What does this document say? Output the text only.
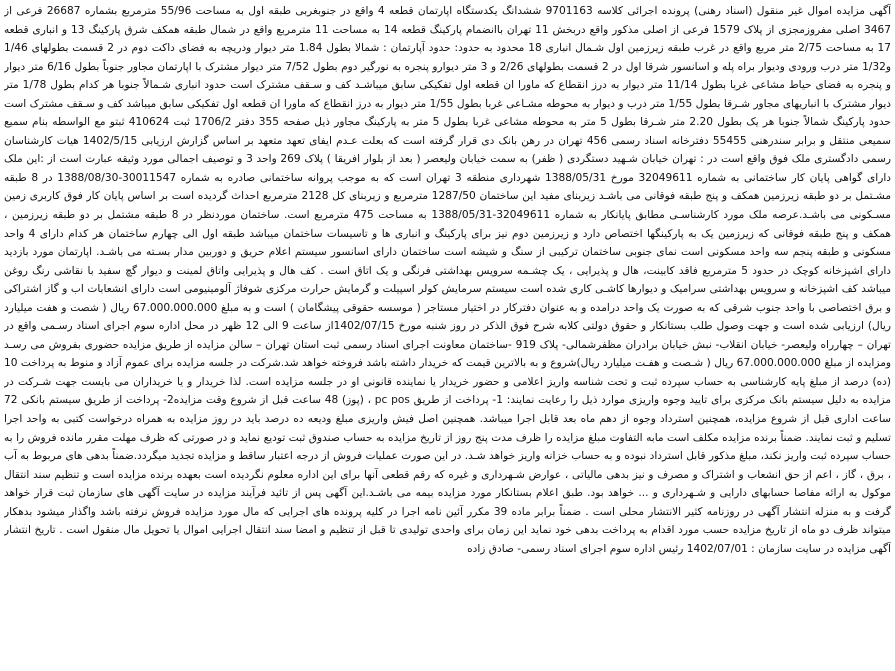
آگهی مزایده اموال غیر منقول (اسناد رهنی) پرونده اجرائی کلاسه 9701163 ششدانگ یکدستگاه اپارتمان قطعه 4 واقع در جنوبغربی طبقه اول به مساحت 55/96 مترمربع بشماره 26687 فرعی از 3467 اصلی مفروزمجزی از پلاک 1579 فرعی از اصلی مذکور واقع دربخش 11 تهران باانضمام پارکینگ قطعه 14 به مساحت 11 مترمربع واقع در شمال طبقه همکف شرق پارکینگ 13 و انباری قطعه 17 به مساحت 2/75 متر مربع واقع در غرب طبقه زیرزمین اول شـمال انباری 18 محدود به حدود: حدود آپارتمان : شمالا بطول 1.84 متر دیوار ودریچه به فضای داکت دوم در 2 قسمت بطولهای 1/46 و1/32 متر درب ورودی ودیوار براه پله و اسانسور شرقا اول در 2 قسمت بطولهای 2/26 و 3 متر دیوارو پنجره به نورگیر دوم بطول 7/52 متر دیوار مشترک با اپارتمان مجاور جنوباً بطول 6/16 متر دیوار و پنجره به فضای حیاط مشاعی غربا بطول 11/14 متر دیوار به درز انقطاع که ماورا ان قطعه اول تفکیکی سابق میباشـد کف و سـقف مشترک است حدود انباری شـمالاً جنوبا هر کدام بطول 1/78 متر دیوار مشترک با انباریهای مجاور شـرقا بطول 1/55 متر درب و دیوار به محوطه مشـاعی غربا بطول 1/55 متر دیوار به درز انقطاع که ماورا ان قطعه اول تفکیکی سابق میباشد کف و سـقف مشترک است حدود پارکینگ شمالاً جنوبا هر یک بطول 2.20 متر شـرقا بطول 5 متر به محوطه مشاعی غربا بطول 5 متر به پارکینگ مجاور ذیل صفحه 355 دفتر 1706/2 ثبت 410624 ثبتو مع الواسطه بنام سمیع سمیعی منتقل و برابر سندرهنی 55455 دفترخانه اسناد رسمی 456 تهران در رهن بانک دی قرار گرفته است که بعلت عـدم ایفای تعهد متعهد بر اساس گزارش ارزیابی 1402/5/15 هیات کارشناسان رسمی دادگستری ملک فوق واقع است در : تهران خیابان شـهید دستگردی ( ظفر) به سمت خیابان ولیعصر ( بعد از بلوار افریقا ) پلاک 269 واحد 3 و توصیف اجمالی مورد وثیقه عبارت است از :این ملک دارای گواهی پایان کار ساختمانی به شماره 32049611 مورخ 1388/05/31 شهرداری منطقه 3 تهران است که به موجب پروانه ساختمانی صادره به شماره 30011547-1388/08/30 در 8 طبقه مشـتمل بر دو طبقه زیرزمین همکف و پنج طبقه فوقانی می باشـد زیربنای مفید این ساختمان 1287/50 مترمربع و زیربنای کل 2128 مترمربع احداث گردیده است بر اساس پایان کار فوق کاربری زمین مسـکونی می باشـد.عرصه ملک مورد کارشناسـی مطابق پایانکار به شماره 32049611-1388/05/31 به مساحت 475 مترمربع است. ساختمان موردنظر در 8 طبقه مشتمل بر دو طبقه زیرزمین ، همکف و پنج طبقه فوقانی که زیرزمین یک به پارکینگها اختصاص دارد و زیرزمین دوم نیز برای پارکینگ و انباری ها و تاسیسات ساختمان میباشد طبقه اول الی چهارم ساختمان هر کدام دارای 4 واحد مسکونی و طبقه پنجم سه واحد مسکونی است نمای جنوبی ساختمان ترکیبی از سنگ و شیشه است ساختمان دارای اسانسور سیستم اعلام حریق و دوربین مدار بسـته می باشـد. اپارتمان مورد بازدید دارای اشپزخانه کوچک در حدود 5 مترمربع فاقد کابینت، هال و پذیرایی ، یک چشـمه سرویس بهداشتی فرنگی و یک اتاق است . کف هال و پذیرایی واتاق لمینت و دیوار گچ سفید با نقاشی رنگ روغن میباشد کف اشپزخانه و سرویس بهداشتی سرامیک و دیوارها کاشـی کاری شده است سیستم سرمایش کولر اسپیلت و گرمایش حرارت مرکزی شوفاژ آلومینیومی است دارای انشعابات اب و گاز اشتراکی و برق اختصاصی با واحد جنوب شرقی که به صورت یک واحد درامده و به عنوان دفترکار در اختیار مستاجر ( موسسه حقوقی پیشگامان ) است و به مبلغ 67.000.000.000 ریال ( شصت و هفت میلیارد ریال) ارزیابی شده است و جهت وصول طلب بستانکار و حقوق دولتی کلابه شرح فوق الذکر در روز شنبه مورخ 1402/07/15از ساعت 9 الی 12 ظهر در محل اداره سوم اجرای اسناد رسـمی واقع در تهران – چهارراه ولیعصر- خیابان انقلاب- نبش خیابان برادران مظفرشمالی- پلاک 919 -ساختمان معاونت اجرای اسناد رسمی ثبت استان تهران – سالن مزایده از طریق مزایده حضوری بفروش می رسـد ومزایده از مبلغ 67.000.000.000 ریال ( شـصت و هفـت میلیارد ریال)شروع و به بالاترین قیمت که خریدار داشته باشد فروخته خواهد شد.شرکت در جلسه مزایده برای عموم آزاد و منوط به پرداخت 10 (ده) درصد از مبلغ پایه کارشناسی به حساب سپرده ثبت و تحت شناسه واریز اعلامی و حضور خریدار یا نماینده قانونی او در جلسه مزایده است. لذا خریدار و یا خریداران می بایست جهت شـرکت در مزایده به دلیل سیستم بانک مرکزی برای تایید وجوه واریزی موارد ذیل را رعایت نمایند: 1- پرداخت از طریق pc pos ، (پوز) 48 ساعت قبل از شروع وقت مزایده2- پرداخت از طریق سیستم بانکی 72 ساعت اداری قبل از شروع مزایده، همچنین استرداد وجوه از دهم ماه بعد قابل اجرا میباشد. همچنین اصل فیش واریزی مبلغ ودیعه ده درصد باید در روز مزایده به همراه درخواست کتبی به واحد اجرا تسلیم و ثبت نمایند. ضمناً برنده مزایده مکلف است مابه التفاوت مبلغ مزایده را ظرف مدت پنج روز از تاریخ مزایده به حساب صندوق ثبت تودیع نماید و در صورتی که ظرف مهلت مقرر مانده فروش را به حساب سپرده ثبت واریز نکند، مبلغ مذکور قابل استرداد نبوده و به حساب خزانه واریز خواهد شـد. در این صورت عملیات فروش از درجه اعتبار ساقط و مزایده تجدید میگردد.ضمناً بدهی های مربوط به آب ، برق ، گاز ، اعم از حق انشعاب و اشتراک و مصرف و نیز بدهی مالیاتی ، عوارض شـهرداری و غیره که رقم قطعی آنها برای این اداره معلوم نگردیده است بعهده برنده مزایده است و تنظیم سند انتقال موکول به ارائه مفاصا حسابهای دارایی و شـهرداری و ... خواهد بود. طبق اعلام بستانکار مورد مزایده بیمه می باشـد.این آگهی پس از تائید فرآیند مزایده در سایت آگهی های سازمان ثبت قرار خواهد گرفت و به منزله انتشار آگهی در روزنامه کثیر الانتشار محلی است . ضمناً برابر ماده 39 مکرر آئین نامه اجرا در کلیه پرونده های اجرایی که مال مورد مزایده فروش نرفته باشد واگذار میشود بدهکار میتواند ظرف دو ماه از تاریخ مزایده حسب مورد اقدام به پرداخت بدهی خود نماید این زمان برای واحدی تولیدی تا قبل از تنظیم و امضا سند انتقال اجرایی اموال یا تحویل مال منقول است . تاریخ انتشار آگهی مزایده در سایت سازمان : 1402/07/01 رئیس اداره سوم اجرای اسناد رسمی- صادق زاده
